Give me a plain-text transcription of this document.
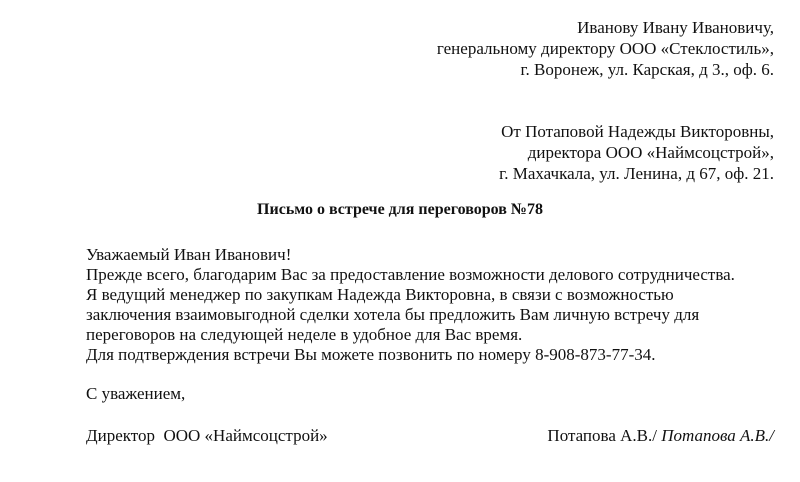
Иванову Ивану Ивановичу,
генеральному директору ООО «Стеклостиль»,
г. Воронеж, ул. Карская, д 3., оф. 6.
От Потаповой Надежды Викторовны,
директора ООО «Наймсоцстрой»,
г. Махачкала, ул. Ленина, д 67, оф. 21.
Письмо о встрече для переговоров №78
Уважаемый Иван Иванович!
Прежде всего, благодарим Вас за предоставление возможности делового сотрудничества.
Я ведущий менеджер по закупкам Надежда Викторовна, в связи с возможностью
заключения взаимовыгодной сделки хотела бы предложить Вам личную встречу для
переговоров на следующей неделе в удобное для Вас время.
Для подтверждения встречи Вы можете позвонить по номеру 8-908-873-77-34.
С уважением,
Директор  ООО «Наймсоцстрой»	Потапова А.В./ Потапова А.В./
